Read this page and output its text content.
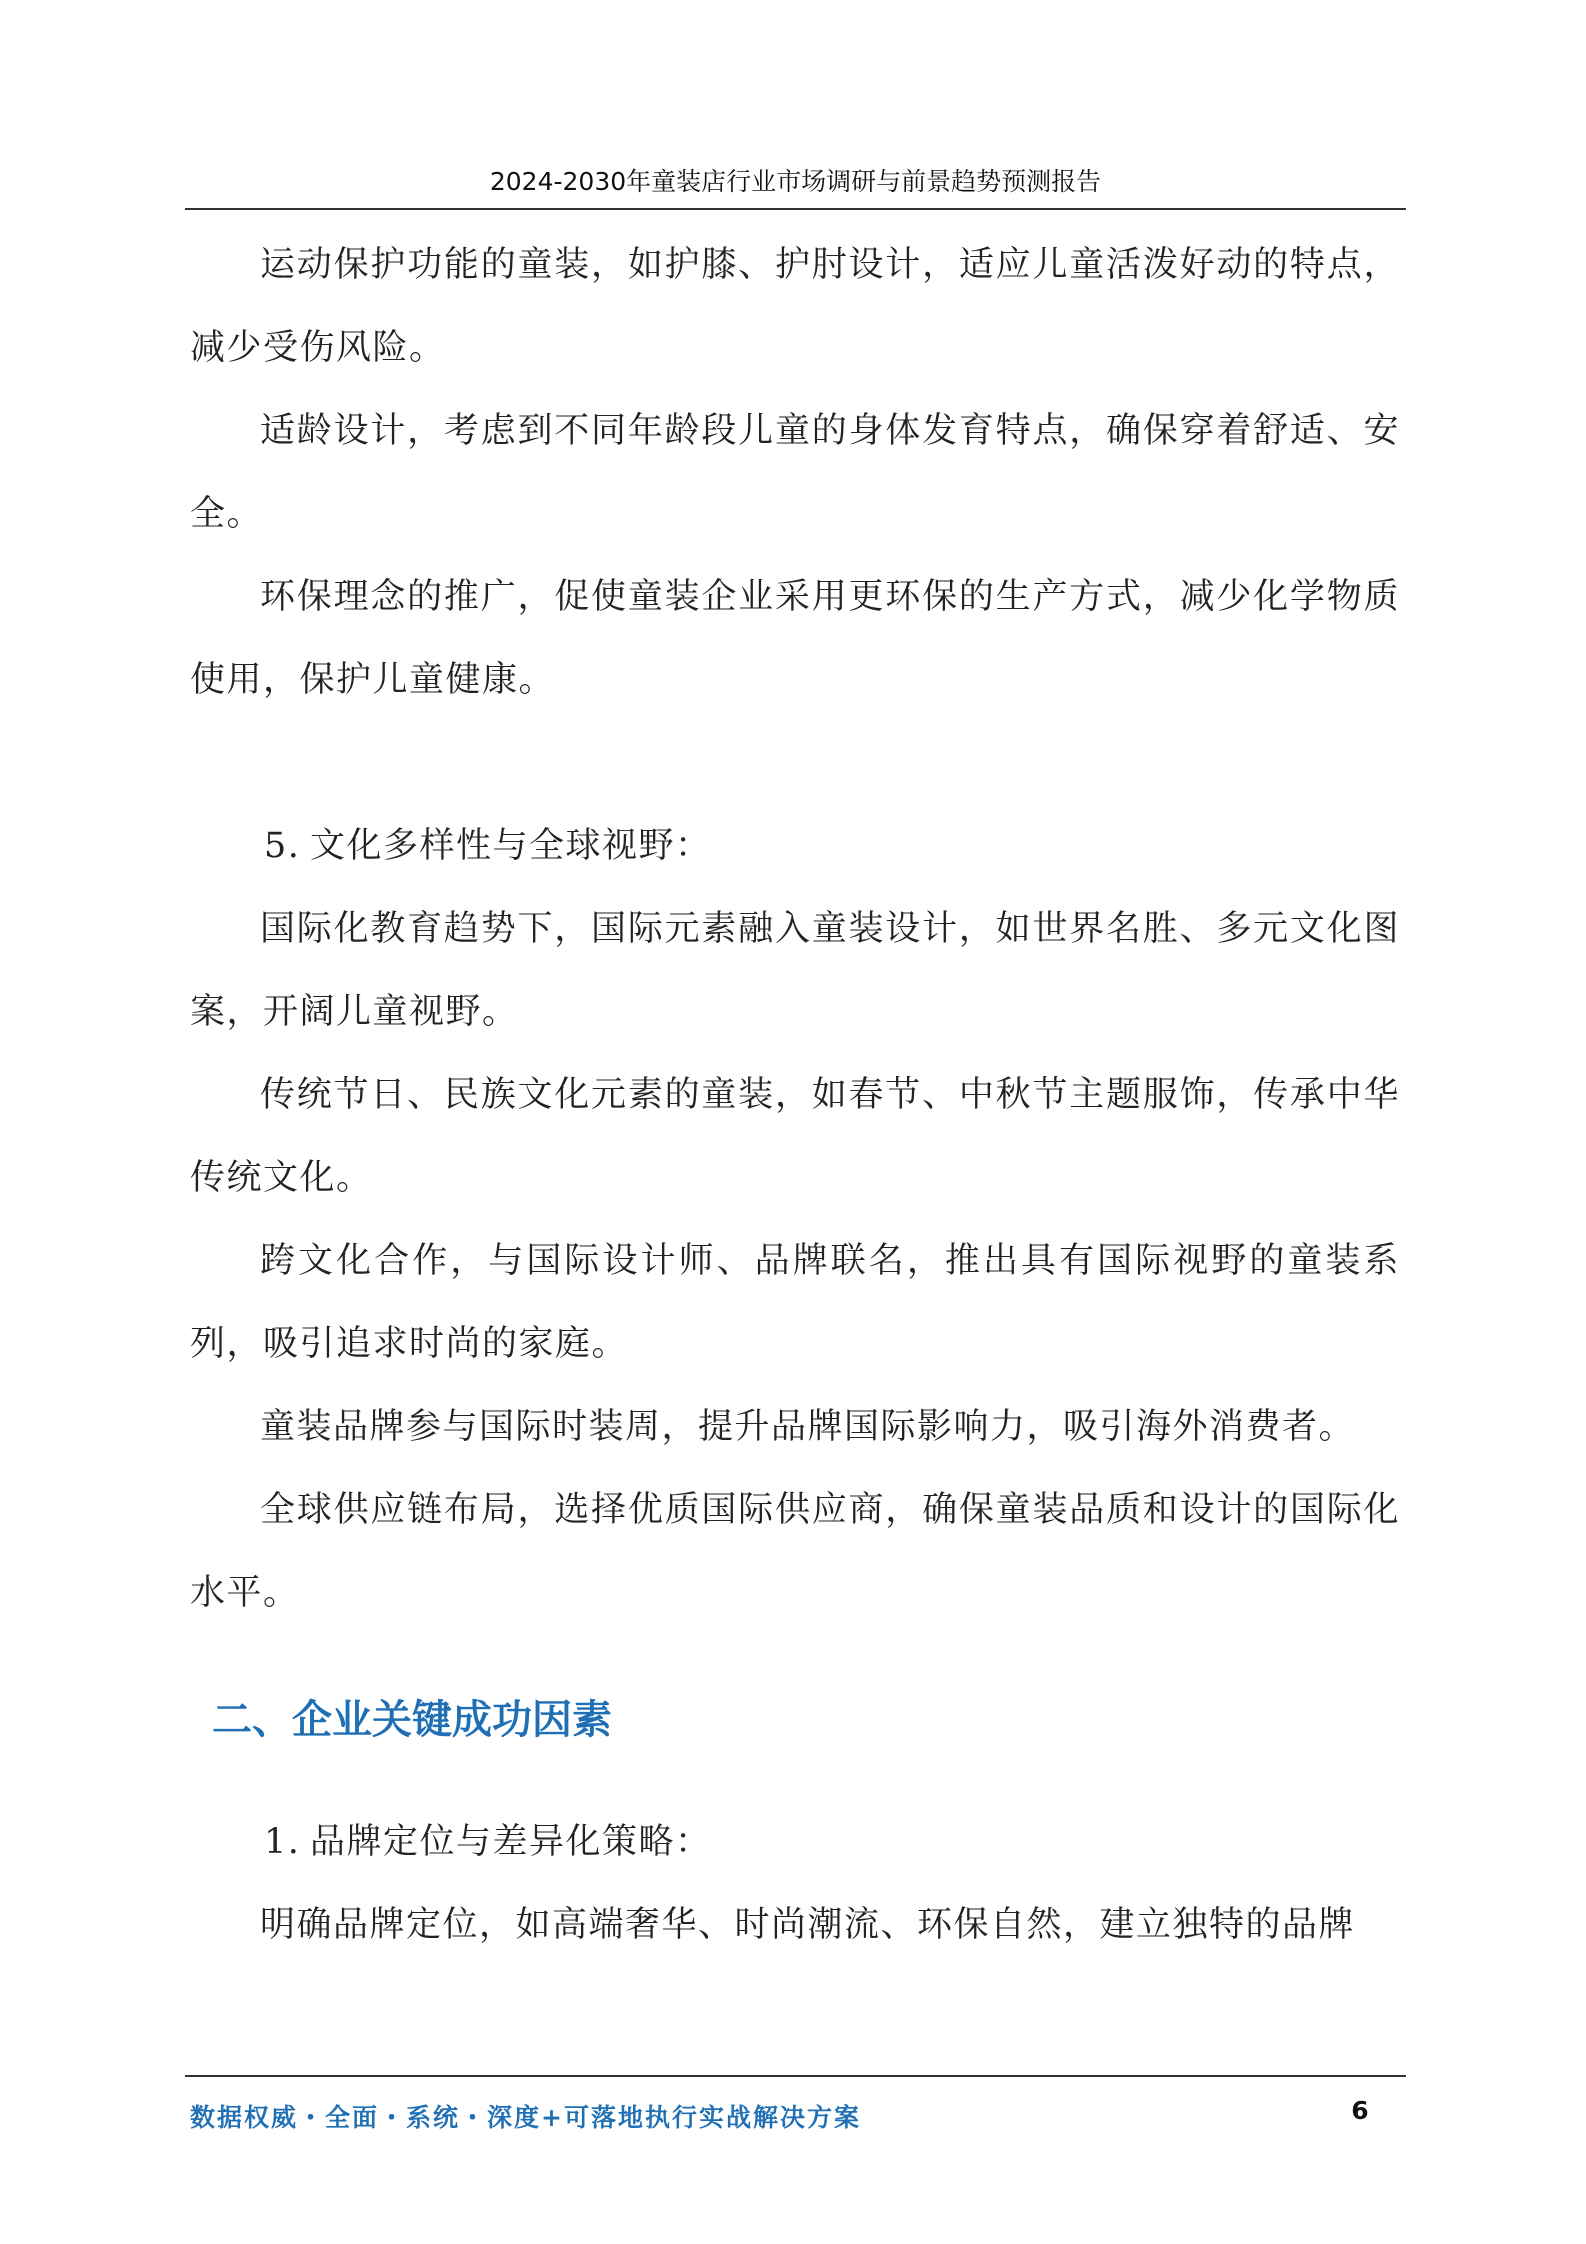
2024-2030年童装店行业市场调研与前景趋势预测报告

运动保护功能的童装，如护膝、护肘设计，适应儿童活泼好动的特点，减少受伤风险。

适龄设计，考虑到不同年龄段儿童的身体发育特点，确保穿着舒适、安全。

环保理念的推广，促使童装企业采用更环保的生产方式，减少化学物质使用，保护儿童健康。

5. 文化多样性与全球视野：

国际化教育趋势下，国际元素融入童装设计，如世界名胜、多元文化图案，开阔儿童视野。

传统节日、民族文化元素的童装，如春节、中秋节主题服饰，传承中华传统文化。

跨文化合作，与国际设计师、品牌联名，推出具有国际视野的童装系列，吸引追求时尚的家庭。

童装品牌参与国际时装周，提升品牌国际影响力，吸引海外消费者。

全球供应链布局，选择优质国际供应商，确保童装品质和设计的国际化水平。

二、企业关键成功因素

1. 品牌定位与差异化策略：

明确品牌定位，如高端奢华、时尚潮流、环保自然，建立独特的品牌

数据权威・全面・系统・深度+可落地执行实战解决方案	6
